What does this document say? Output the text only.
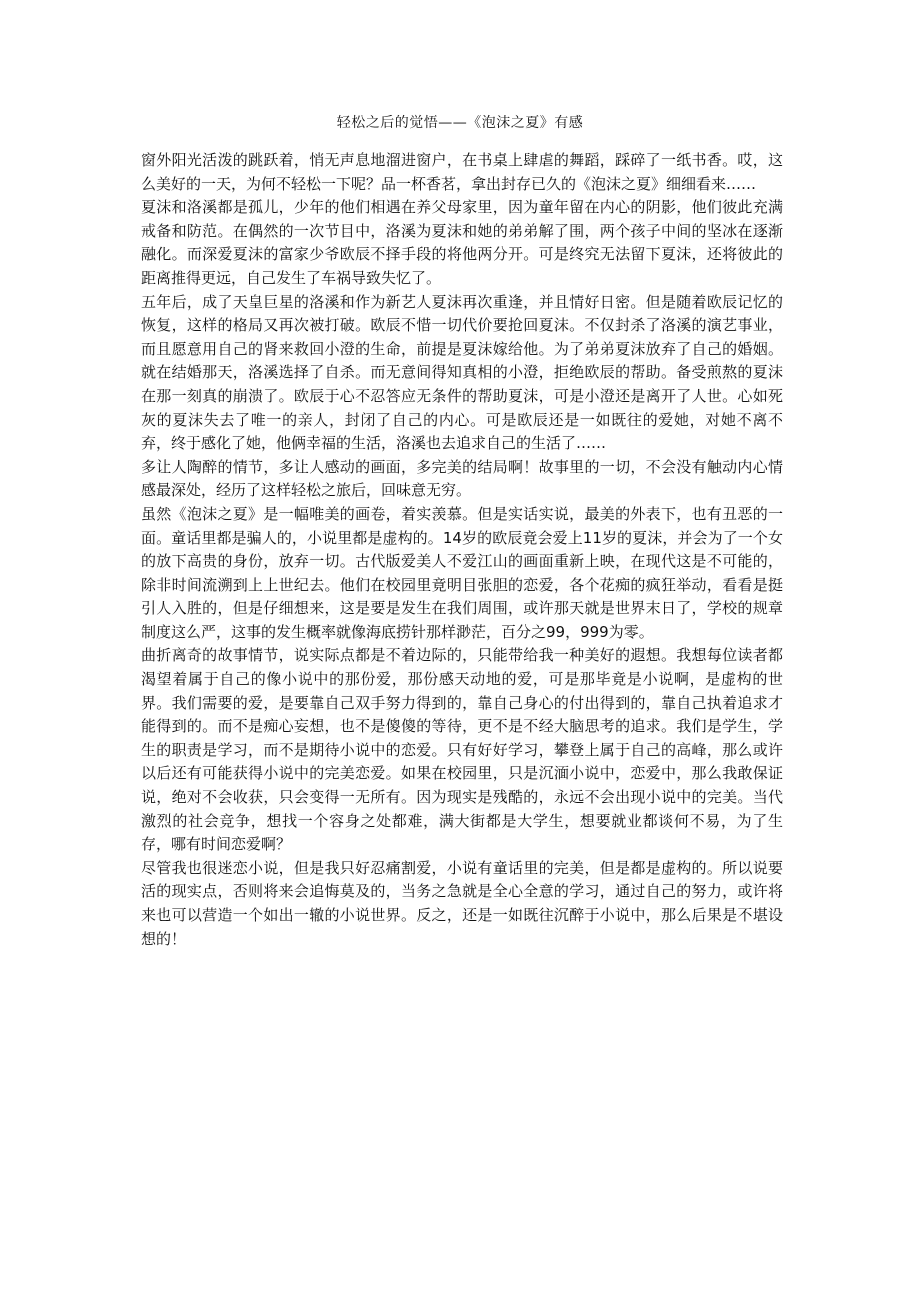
轻松之后的觉悟——《泡沫之夏》有感

窗外阳光活泼的跳跃着，悄无声息地溜进窗户，在书桌上肆虐的舞蹈，踩碎了一纸书香。哎，这么美好的一天，为何不轻松一下呢？品一杯香茗，拿出封存已久的《泡沫之夏》细细看来……

夏沫和洛溪都是孤儿，少年的他们相遇在养父母家里，因为童年留在内心的阴影，他们彼此充满戒备和防范。在偶然的一次节目中，洛溪为夏沫和她的弟弟解了围，两个孩子中间的坚冰在逐渐融化。而深爱夏沫的富家少爷欧辰不择手段的将他两分开。可是终究无法留下夏沫，还将彼此的距离推得更远，自己发生了车祸导致失忆了。

五年后，成了天皇巨星的洛溪和作为新艺人夏沫再次重逢，并且情好日密。但是随着欧辰记忆的恢复，这样的格局又再次被打破。欧辰不惜一切代价要抢回夏沫。不仅封杀了洛溪的演艺事业，而且愿意用自己的肾来救回小澄的生命，前提是夏沫嫁给他。为了弟弟夏沫放弃了自己的婚姻。就在结婚那天，洛溪选择了自杀。而无意间得知真相的小澄，拒绝欧辰的帮助。备受煎熬的夏沫在那一刻真的崩溃了。欧辰于心不忍答应无条件的帮助夏沫，可是小澄还是离开了人世。心如死灰的夏沫失去了唯一的亲人，封闭了自己的内心。可是欧辰还是一如既往的爱她，对她不离不弃，终于感化了她，他俩幸福的生活，洛溪也去追求自己的生活了……

多让人陶醉的情节，多让人感动的画面，多完美的结局啊！故事里的一切，不会没有触动内心情感最深处，经历了这样轻松之旅后，回味意无穷。

虽然《泡沫之夏》是一幅唯美的画卷，着实羡慕。但是实话实说，最美的外表下，也有丑恶的一面。童话里都是骗人的，小说里都是虚构的。14岁的欧辰竟会爱上11岁的夏沫，并会为了一个女的放下高贵的身份，放弃一切。古代版爱美人不爱江山的画面重新上映，在现代这是不可能的，除非时间流溯到上上世纪去。他们在校园里竟明目张胆的恋爱，各个花痴的疯狂举动，看看是挺引人入胜的，但是仔细想来，这是要是发生在我们周围，或许那天就是世界末日了，学校的规章制度这么严，这事的发生概率就像海底捞针那样渺茫，百分之99，999为零。

曲折离奇的故事情节，说实际点都是不着边际的，只能带给我一种美好的遐想。我想每位读者都渴望着属于自己的像小说中的那份爱，那份感天动地的爱，可是那毕竟是小说啊，是虚构的世界。我们需要的爱，是要靠自己双手努力得到的，靠自己身心的付出得到的，靠自己执着追求才能得到的。而不是痴心妄想，也不是傻傻的等待，更不是不经大脑思考的追求。我们是学生，学生的职责是学习，而不是期待小说中的恋爱。只有好好学习，攀登上属于自己的高峰，那么或许以后还有可能获得小说中的完美恋爱。如果在校园里，只是沉湎小说中，恋爱中，那么我敢保证说，绝对不会收获，只会变得一无所有。因为现实是残酷的，永远不会出现小说中的完美。当代激烈的社会竞争，想找一个容身之处都难，满大街都是大学生，想要就业都谈何不易，为了生存，哪有时间恋爱啊？

尽管我也很迷恋小说，但是我只好忍痛割爱，小说有童话里的完美，但是都是虚构的。所以说要活的现实点，否则将来会追悔莫及的，当务之急就是全心全意的学习，通过自己的努力，或许将来也可以营造一个如出一辙的小说世界。反之，还是一如既往沉醉于小说中，那么后果是不堪设想的！
